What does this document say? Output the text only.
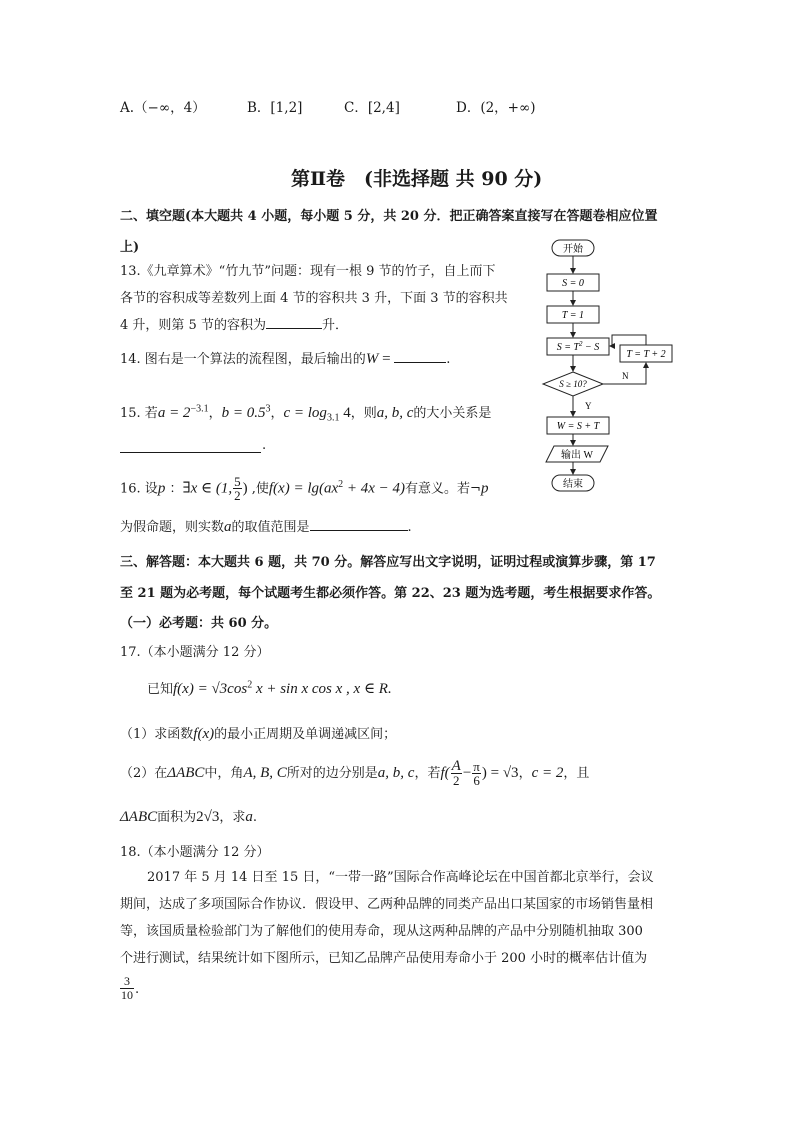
A.（−∞，4）	B．[1,2]	C．[2,4]	D．(2，+∞)
第Ⅱ卷　(非选择题 共 90 分)
二、填空题(本大题共 4 小题，每小题 5 分，共 20 分．把正确答案直接写在答题卷相应位置
上)
13.《九章算术》“竹九节”问题：现有一根 9 节的竹子，自上而下
各节的容积成等差数列上面 4 节的容积共 3 升，下面 3 节的容积共
4 升，则第 5 节的容积为	升．
14. 图右是一个算法的流程图，最后输出的W =	.
15. 若$a = 2^{-3.1}$，$b = 0.5^3$，$c = \log_{3.1} 4$，则a, b, c的大小关系是
.
16. 设p ：∃x ∈ (1, $\frac{5}{2}$ ) ,使$f(x) = \lg(ax^2 + 4x - 4)$有意义。若¬p
为假命题，则实数a的取值范围是	.
三、解答题：本大题共 6 题，共 70 分。解答应写出文字说明，证明过程或演算步骤，第 17
至 21 题为必考题，每个试题考生都必须作答。第 22、23 题为选考题，考生根据要求作答。
（一）必考题：共 60 分。
17.（本小题满分 12 分）
已知$f(x) = √3\cos^2$ x + sin x cos x , x ∈ R.
（1）求函数f(x)的最小正周期及单调递减区间；
（2）在ΔABC中，角A, B, C所对的边分别是a, b, c，若$f( \frac{A}{2} - \frac{\pi}{6}$ ) = √3，c = 2，且
ΔABC面积为2√3，求a.
18.（本小题满分 12 分）
2017 年 5 月 14 日至 15 日，“一带一路”国际合作高峰论坛在中国首都北京举行，会议
期间，达成了多项国际合作协议．假设甲、乙两种品牌的同类产品出口某国家的市场销售量相
等，该国质量检验部门为了解他们的使用寿命，现从这两种品牌的产品中分别随机抽取 300
个进行测试，结果统计如下图所示，已知乙品牌产品使用寿命小于 200 小时的概率估计值为
$\frac{3}{10}$ .
开始
S = 0
T = 1
$S = T^2 - S$
S ≥ 10?
N
T = T + 2
Y
W = S + T
输出 W
结束
